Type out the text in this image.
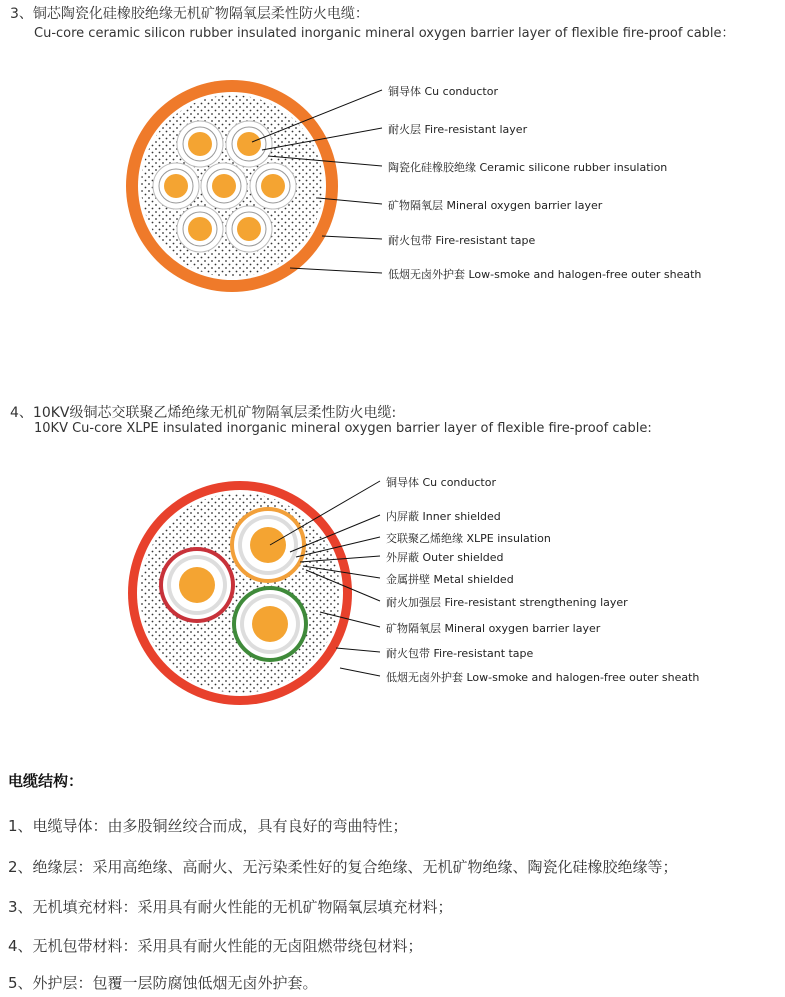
3、铜芯陶瓷化硅橡胶绝缘无机矿物隔氧层柔性防火电缆：
Cu-core ceramic silicon rubber insulated inorganic mineral oxygen barrier layer of flexible fire-proof cable：
铜导体 Cu conductor
耐火层 Fire-resistant layer
陶瓷化硅橡胶绝缘 Ceramic silicone rubber insulation
矿物隔氧层 Mineral oxygen barrier layer
耐火包带 Fire-resistant tape
低烟无卤外护套 Low-smoke and halogen-free outer sheath
4、10KV级铜芯交联聚乙烯绝缘无机矿物隔氧层柔性防火电缆:
10KV Cu-core XLPE insulated inorganic mineral oxygen barrier layer of flexible fire-proof cable:
铜导体 Cu conductor
内屏蔽 Inner shielded
交联聚乙烯绝缘 XLPE insulation
外屏蔽 Outer shielded
金属拼壁 Metal shielded
耐火加强层 Fire-resistant strengthening layer
矿物隔氧层 Mineral oxygen barrier layer
耐火包带 Fire-resistant tape
低烟无卤外护套 Low-smoke and halogen-free outer sheath
电缆结构：
1、电缆导体：由多股铜丝绞合而成，具有良好的弯曲特性；
2、绝缘层：采用高绝缘、高耐火、无污染柔性好的复合绝缘、无机矿物绝缘、陶瓷化硅橡胶绝缘等；
3、无机填充材料：采用具有耐火性能的无机矿物隔氧层填充材料；
4、无机包带材料：采用具有耐火性能的无卤阻燃带绕包材料；
5、外护层：包覆一层防腐蚀低烟无卤外护套。
